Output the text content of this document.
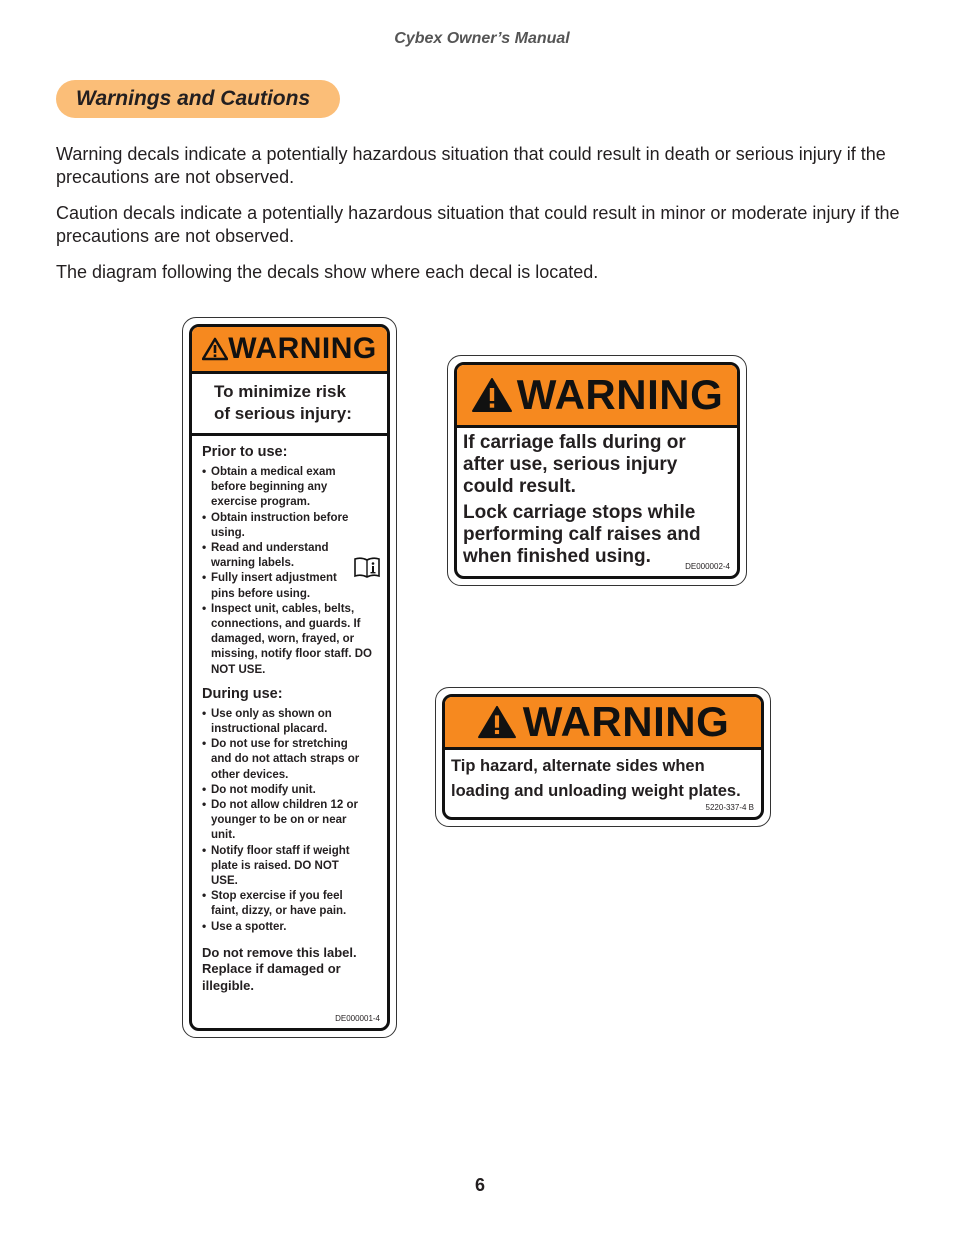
Cybex Owner’s Manual
Warnings and Cautions

Warning decals indicate a potentially hazardous situation that could result in death or serious injury if the precautions are not observed.

Caution decals indicate a potentially hazardous situation that could result in minor or moderate injury if the precautions are not observed.

The diagram following the decals show where each decal is located.

WARNING
To minimize risk
of serious injury:
Prior to use:
• Obtain a medical exam before beginning any exercise program.
• Obtain instruction before using.
• Read and understand warning labels.
• Fully insert adjustment pins before using.
• Inspect unit, cables, belts, connections, and guards. If damaged, worn, frayed, or missing, notify floor staff. DO NOT USE.
During use:
• Use only as shown on instructional placard.
• Do not use for stretching and do not attach straps or other devices.
• Do not modify unit.
• Do not allow children 12 or younger to be on or near unit.
• Notify floor staff if weight plate is raised. DO NOT USE.
• Stop exercise if you feel faint, dizzy, or have pain.
• Use a spotter.
Do not remove this label. Replace if damaged or illegible.
DE000001-4
WARNING

If carriage falls during or after use, serious injury could result.

Lock carriage stops while performing calf raises and when finished using.	DE000002-4
WARNING

Tip hazard, alternate sides when

loading and unloading weight plates.

5220-337-4 B
6
